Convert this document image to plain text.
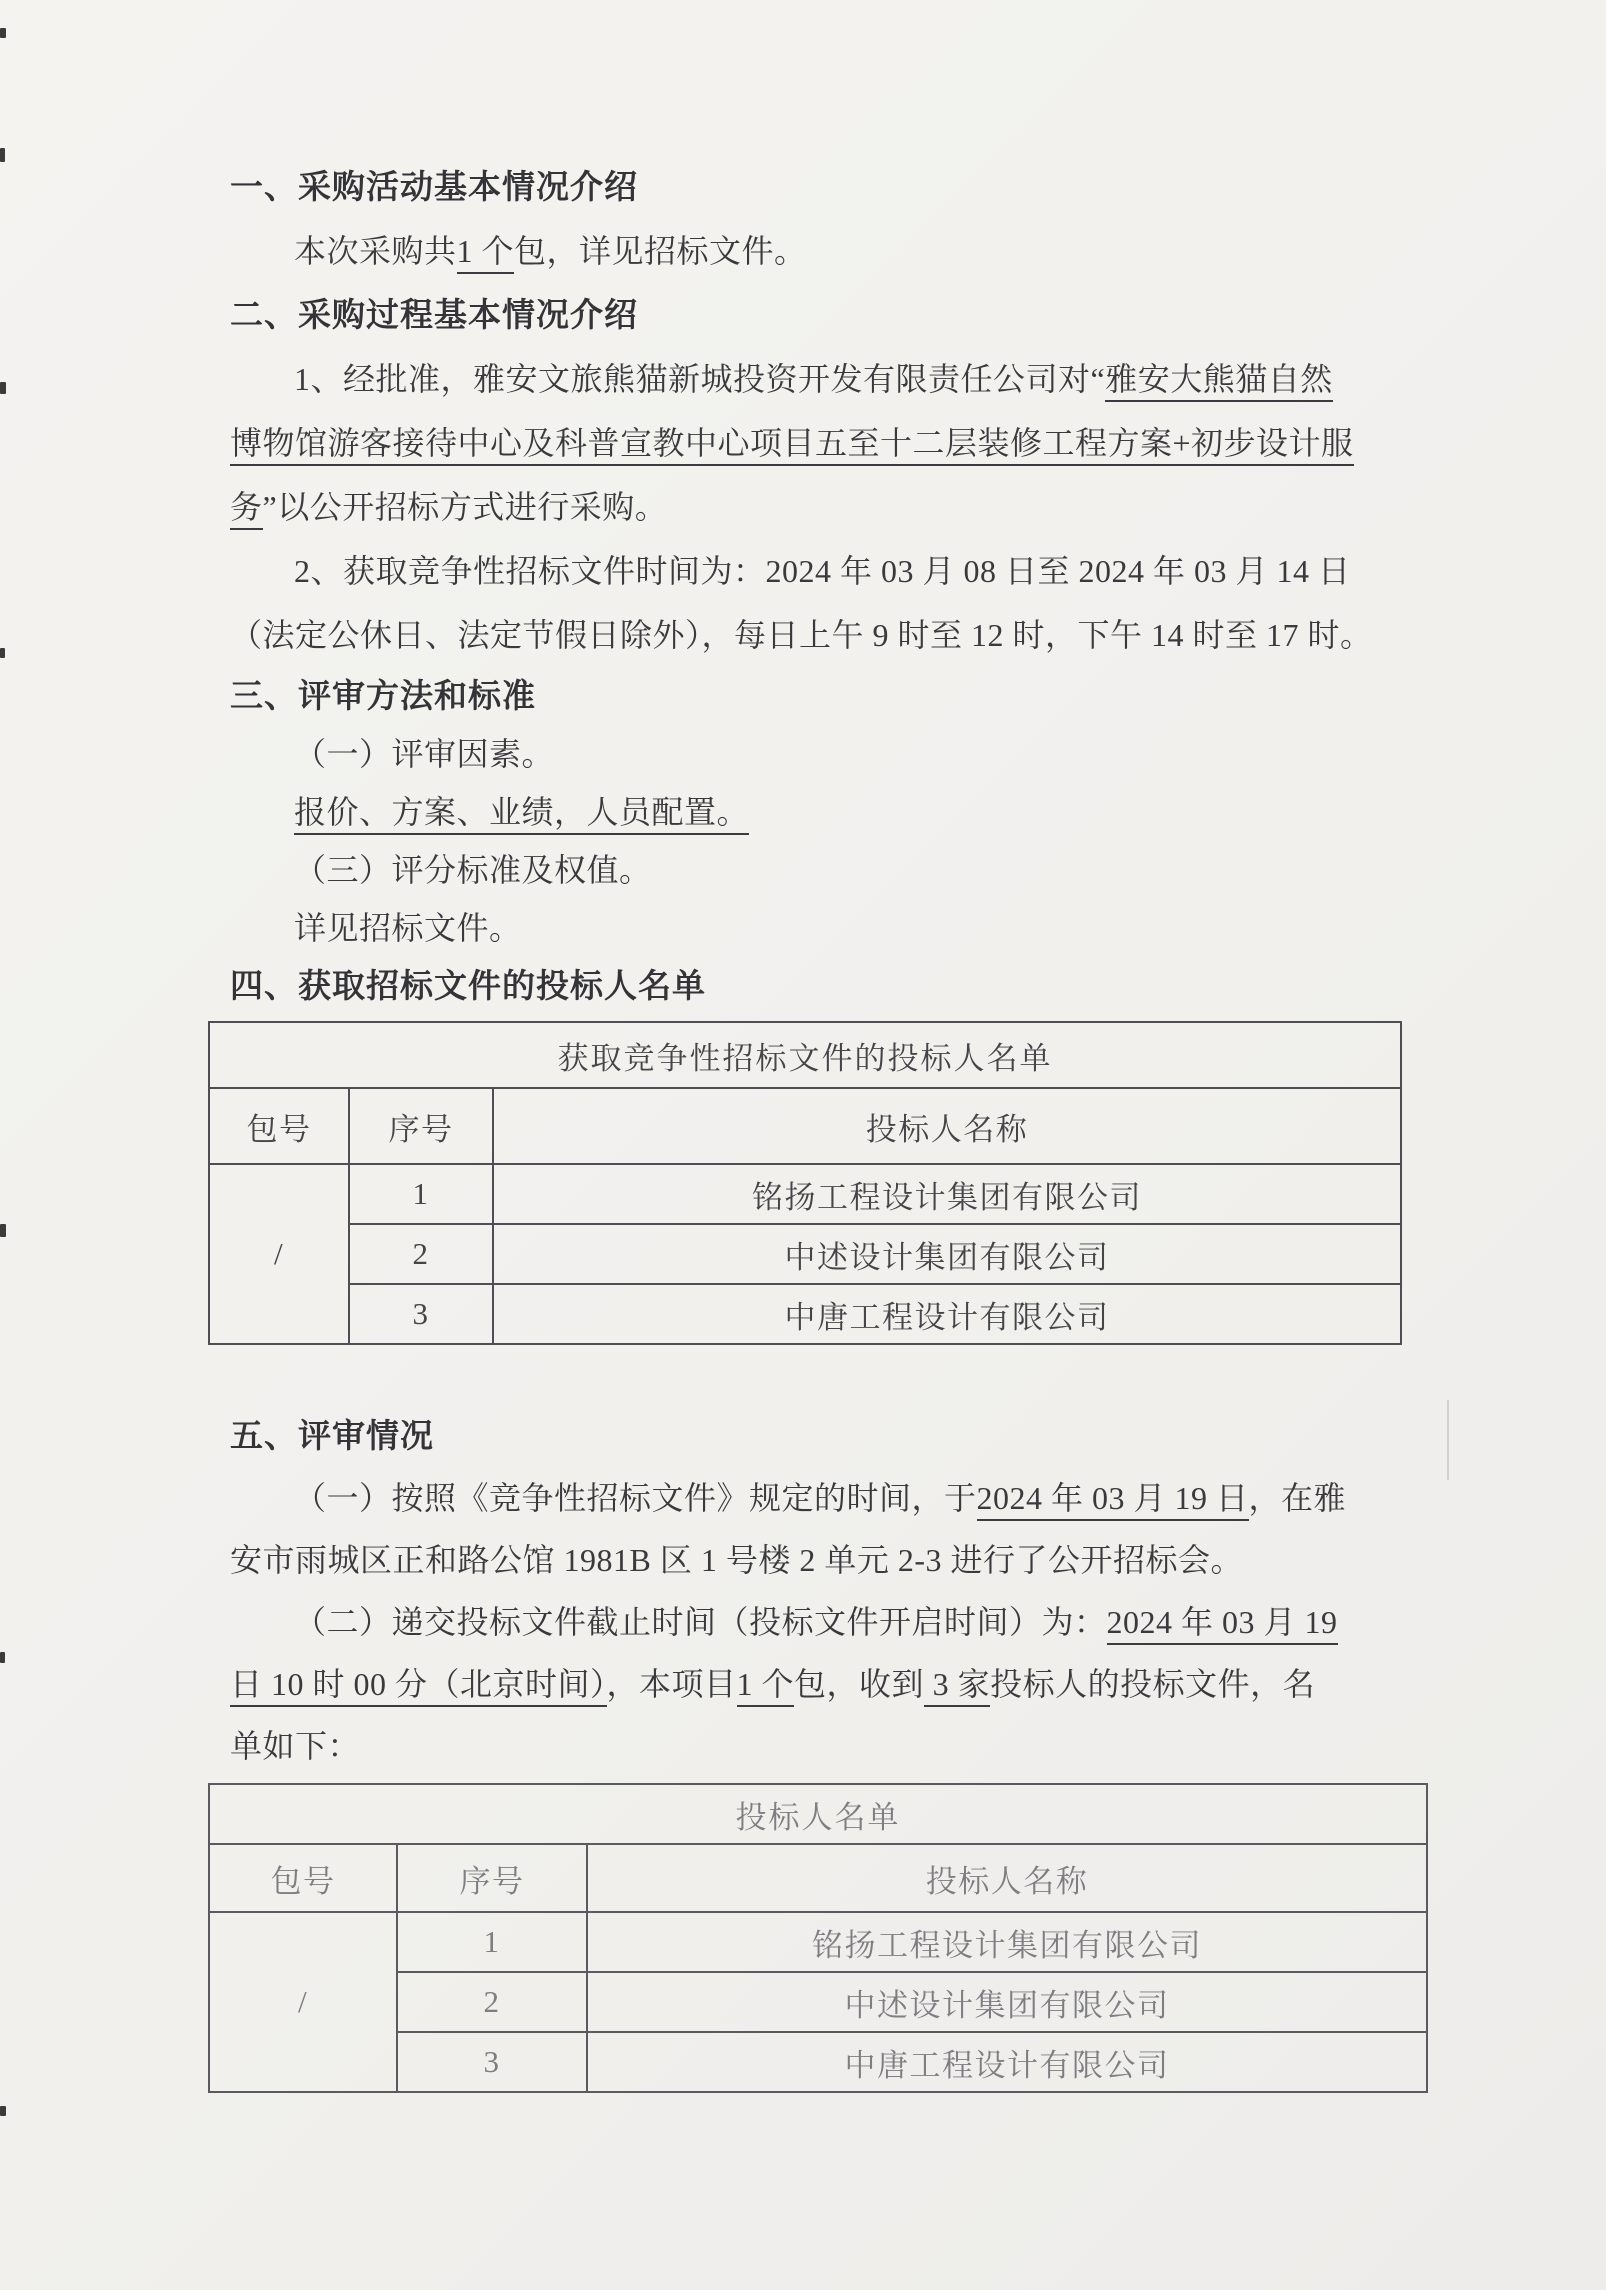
一、采购活动基本情况介绍
本次采购共1 个包，详见招标文件。
二、采购过程基本情况介绍
1、经批准，雅安文旅熊猫新城投资开发有限责任公司对“雅安大熊猫自然
博物馆游客接待中心及科普宣教中心项目五至十二层装修工程方案+初步设计服
务”以公开招标方式进行采购。
2、获取竞争性招标文件时间为：2024 年 03 月 08 日至 2024 年 03 月 14 日
（法定公休日、法定节假日除外），每日上午 9 时至 12 时，下午 14 时至 17 时。
三、评审方法和标准
（一）评审因素。
报价、方案、业绩，人员配置。
（三）评分标准及权值。
详见招标文件。
四、获取招标文件的投标人名单
获取竞争性招标文件的投标人名单		
包号	序号	投标人名称
/	1	铭扬工程设计集团有限公司
	2	中述设计集团有限公司
	3	中唐工程设计有限公司
五、评审情况
（一）按照《竞争性招标文件》规定的时间，于2024 年 03 月 19 日，在雅
安市雨城区正和路公馆 1981B 区 1 号楼 2 单元 2-3 进行了公开招标会。
（二）递交投标文件截止时间（投标文件开启时间）为：2024 年 03 月 19
日 10 时 00 分（北京时间），本项目1 个包，收到 3 家投标人的投标文件，名
单如下：
投标人名单		
包号	序号	投标人名称
/	1	铭扬工程设计集团有限公司
	2	中述设计集团有限公司
	3	中唐工程设计有限公司
